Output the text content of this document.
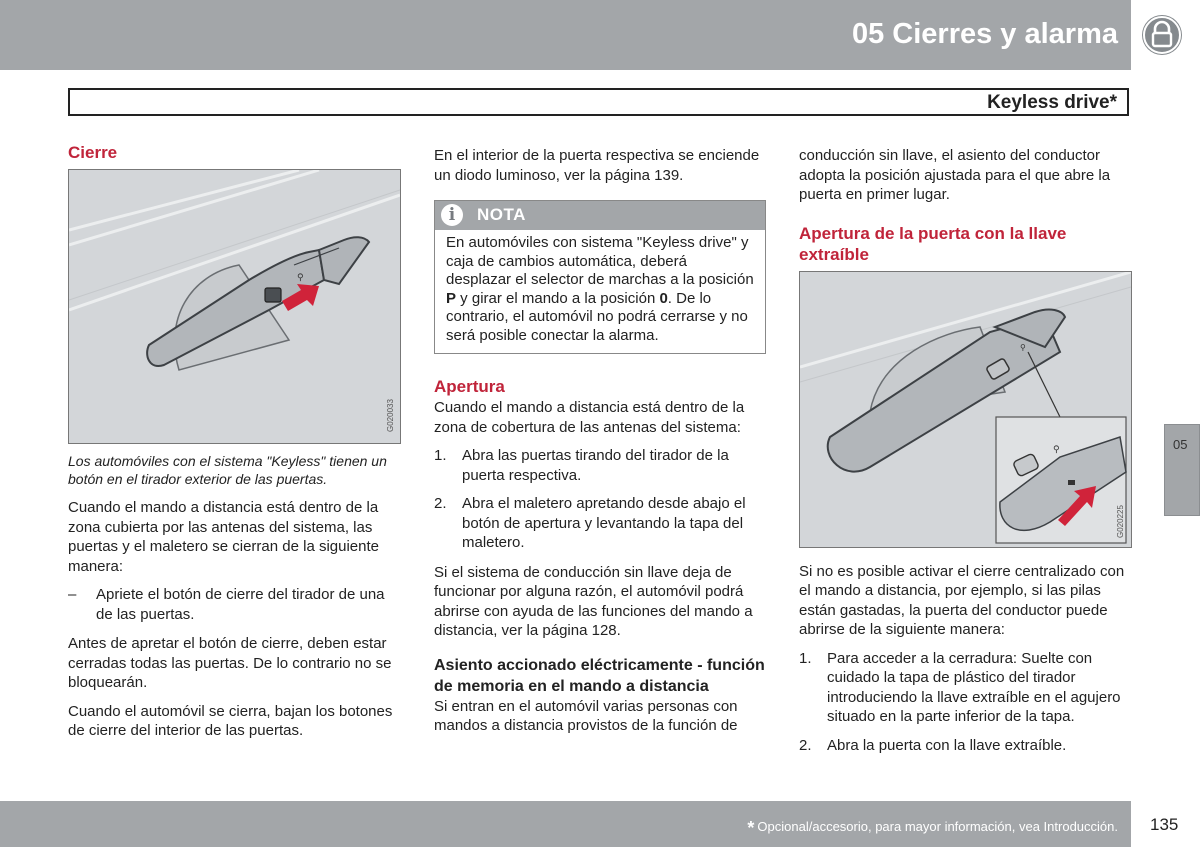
05 Cierres y alarma
Keyless drive*
Cierre
⚲
G020033
Los automóviles con el sistema "Keyless" tienen un botón en el tirador exterior de las puertas.

Cuando el mando a distancia está dentro de la zona cubierta por las antenas del sistema, las puertas y el maletero se cierran de la siguiente manera:

– Apriete el botón de cierre del tirador de una de las puertas.

Antes de apretar el botón de cierre, deben estar cerradas todas las puertas. De lo contrario no se bloquearán.

Cuando el automóvil se cierra, bajan los botones de cierre del interior de las puertas.

En el interior de la puerta respectiva se enciende un diodo luminoso, ver la página 139.

i	NOTA
En automóviles con sistema "Keyless drive" y caja de cambios automática, deberá desplazar el selector de marchas a la posición P y girar el mando a la posición 0. De lo contrario, el automóvil no podrá cerrarse y no será posible conectar la alarma.
Apertura

Cuando el mando a distancia está dentro de la zona de cobertura de las antenas del sistema:

1. Abra las puertas tirando del tirador de la puerta respectiva.
2. Abra el maletero apretando desde abajo el botón de apertura y levantando la tapa del maletero.

Si el sistema de conducción sin llave deja de funcionar por alguna razón, el automóvil podrá abrirse con ayuda de las funciones del mando a distancia, ver la página 128.

Asiento accionado eléctricamente - función de memoria en el mando a distancia

Si entran en el automóvil varias personas con mandos a distancia provistos de la función de

conducción sin llave, el asiento del conductor adopta la posición ajustada para el que abre la puerta en primer lugar.

Apertura de la puerta con la llave extraíble
⚲
⚲
G020225

Si no es posible activar el cierre centralizado con el mando a distancia, por ejemplo, si las pilas están gastadas, la puerta del conductor puede abrirse de la siguiente manera:

1. Para acceder a la cerradura: Suelte con cuidado la tapa de plástico del tirador introduciendo la llave extraíble en el agujero situado en la parte inferior de la tapa.
2. Abra la puerta con la llave extraíble.
05
* Opcional/accesorio, para mayor información, vea Introducción. 135
